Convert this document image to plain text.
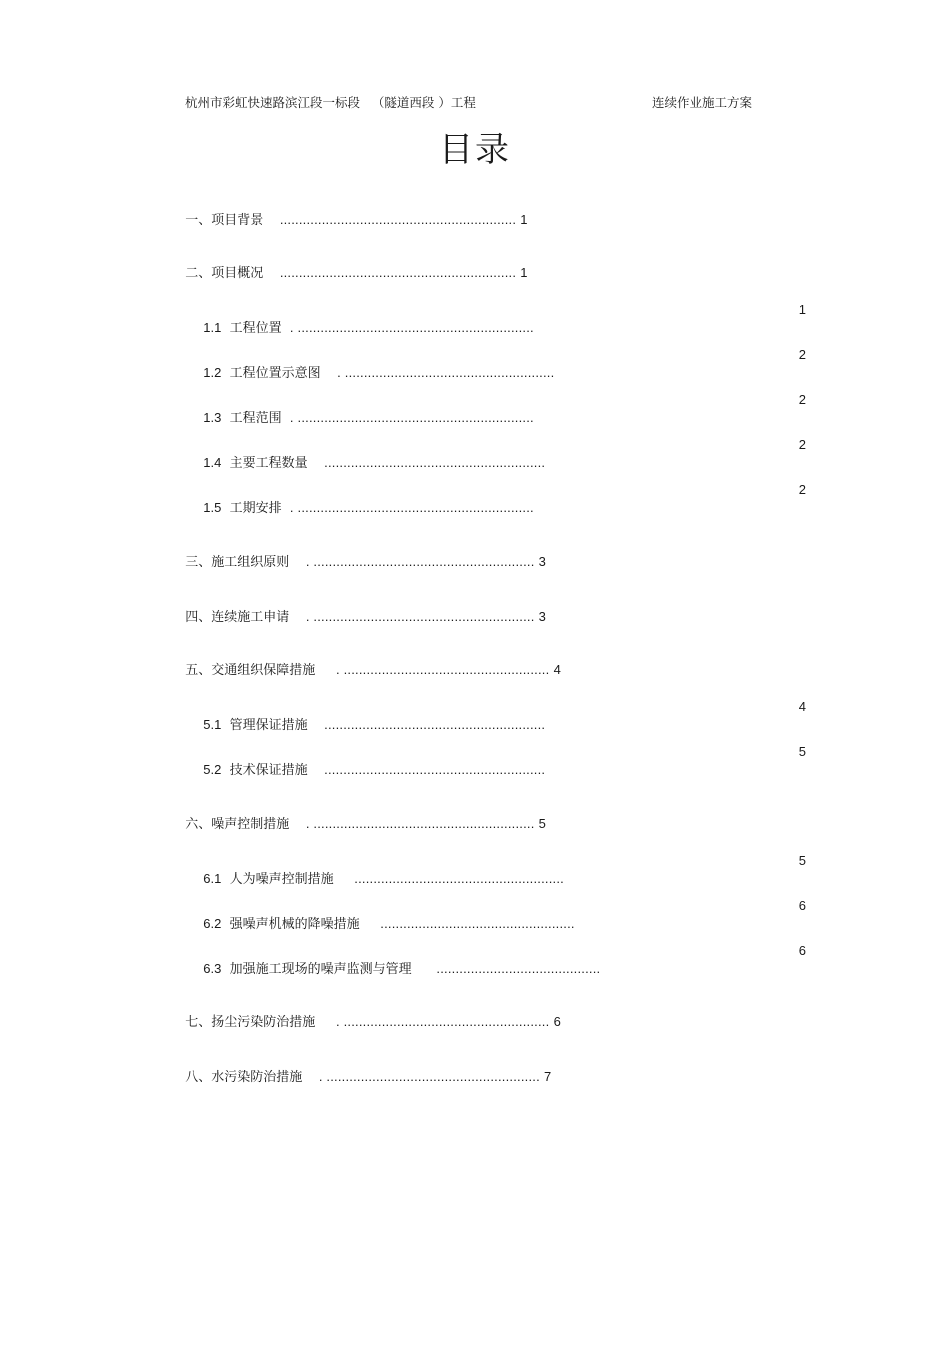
杭州市彩虹快速路滨江段一标段   （隧道西段 ）工程	连续作业施工方案
目录

一、项目背景 .............................................................. 1

二、项目概况 .............................................................. 1

1.1 工程位置 . ..............................................................

1

1.2 工程位置示意图 . .......................................................

2

1.3 工程范围 . ..............................................................

2

1.4 主要工程数量 ..........................................................

2

1.5 工期安排 . ..............................................................

2

三、施工组织原则 . .......................................................... 3

四、连续施工申请 . .......................................................... 3

五、交通组织保障措施 . ...................................................... 4

5.1 管理保证措施 ..........................................................

4

5.2 技术保证措施 ..........................................................

5

六、噪声控制措施 . .......................................................... 5

6.1 人为噪声控制措施 .......................................................

5

6.2 强噪声机械的降噪措施 ...................................................

6

6.3 加强施工现场的噪声监测与管理 ...........................................

6

七、扬尘污染防治措施 . ...................................................... 6

八、水污染防治措施 . ........................................................ 7
